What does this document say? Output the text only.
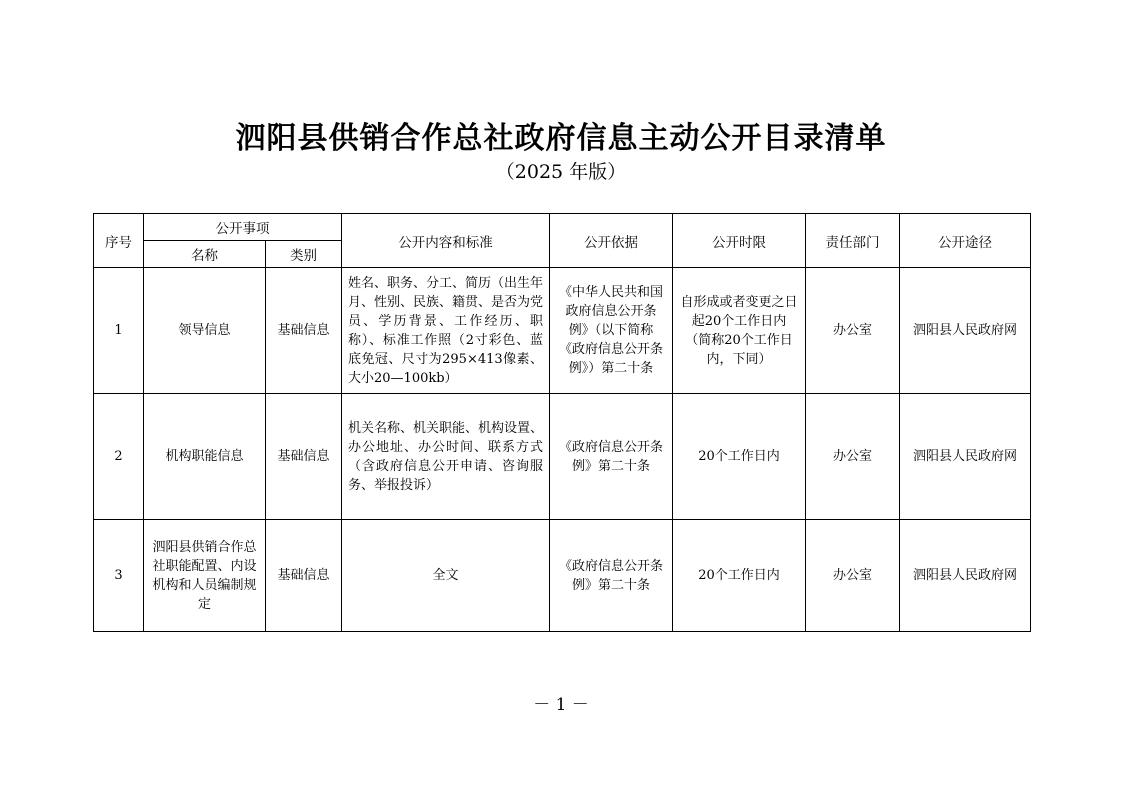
泗阳县供销合作总社政府信息主动公开目录清单
（2025 年版）
序号	公开事项		公开内容和标准	公开依据	公开时限	责任部门	公开途径
	名称	类别					
1	领导信息	基础信息	姓名、职务、分工、简历（出生年月、性别、民族、籍贯、是否为党员、学历背景、工作经历、职称）、标准工作照（2寸彩色、蓝底免冠、尺寸为295×413像素、大小20—100kb）	《中华人民共和国政府信息公开条例》（以下简称《政府信息公开条例》）第二十条	自形成或者变更之日起20个工作日内（简称20个工作日内，下同）	办公室	泗阳县人民政府网
2	机构职能信息	基础信息	机关名称、机关职能、机构设置、办公地址、办公时间、联系方式（含政府信息公开申请、咨询服务、举报投诉）	《政府信息公开条例》第二十条	20个工作日内	办公室	泗阳县人民政府网
3	泗阳县供销合作总社职能配置、内设机构和人员编制规定	基础信息	全文	《政府信息公开条例》第二十条	20个工作日内	办公室	泗阳县人民政府网
－ 1 －
